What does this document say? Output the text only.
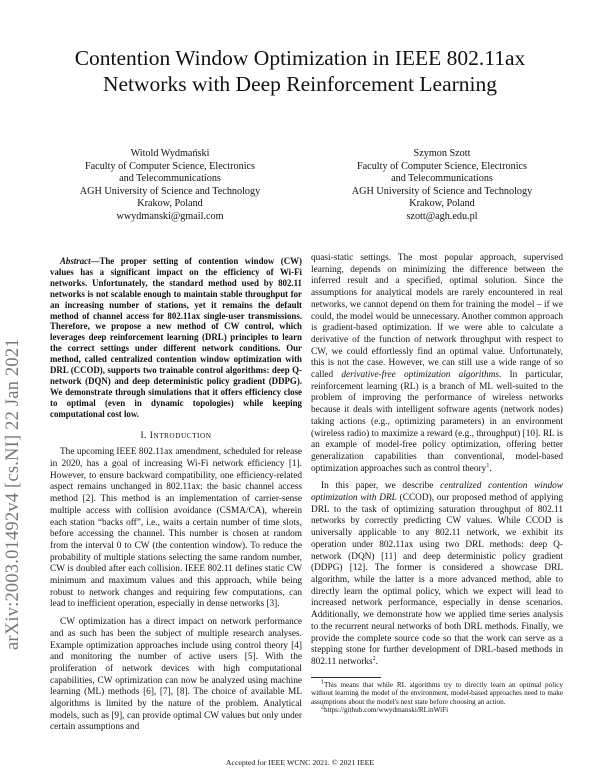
arXiv:2003.01492v4 [cs.NI] 22 Jan 2021
Contention Window Optimization in IEEE 802.11ax Networks with Deep Reinforcement Learning
Witold Wydmański
Faculty of Computer Science, Electronics
and Telecommunications
AGH University of Science and Technology
Krakow, Poland
wwydmanski@gmail.com
Szymon Szott
Faculty of Computer Science, Electronics
and Telecommunications
AGH University of Science and Technology
Krakow, Poland
szott@agh.edu.pl

Abstract—The proper setting of contention window (CW) values has a significant impact on the efficiency of Wi-Fi networks. Unfortunately, the standard method used by 802.11 networks is not scalable enough to maintain stable throughput for an increasing number of stations, yet it remains the default method of channel access for 802.11ax single-user transmissions. Therefore, we propose a new method of CW control, which leverages deep reinforcement learning (DRL) principles to learn the correct settings under different network conditions. Our method, called centralized contention window optimization with DRL (CCOD), supports two trainable control algorithms: deep Q-network (DQN) and deep deterministic policy gradient (DDPG). We demonstrate through simulations that it offers efficiency close to optimal (even in dynamic topologies) while keeping computational cost low.

I. INTRODUCTION

The upcoming IEEE 802.11ax amendment, scheduled for release in 2020, has a goal of increasing Wi-Fi network efficiency [1]. However, to ensure backward compatibility, one efficiency-related aspect remains unchanged in 802.11ax: the basic channel access method [2]. This method is an implementation of carrier-sense multiple access with collision avoidance (CSMA/CA), wherein each station “backs off”, i.e., waits a certain number of time slots, before accessing the channel. This number is chosen at random from the interval 0 to CW (the contention window). To reduce the probability of multiple stations selecting the same random number, CW is doubled after each collision. IEEE 802.11 defines static CW minimum and maximum values and this approach, while being robust to network changes and requiring few computations, can lead to inefficient operation, especially in dense networks [3].

CW optimization has a direct impact on network performance and as such has been the subject of multiple research analyses. Example optimization approaches include using control theory [4] and monitoring the number of active users [5]. With the proliferation of network devices with high computational capabilities, CW optimization can now be analyzed using machine learning (ML) methods [6], [7], [8]. The choice of available ML algorithms is limited by the nature of the problem. Analytical models, such as [9], can provide optimal CW values but only under certain assumptions and

quasi-static settings. The most popular approach, supervised learning, depends on minimizing the difference between the inferred result and a specified, optimal solution. Since the assumptions for analytical models are rarely encountered in real networks, we cannot depend on them for training the model – if we could, the model would be unnecessary. Another common approach is gradient-based optimization. If we were able to calculate a derivative of the function of network throughput with respect to CW, we could effortlessly find an optimal value. Unfortunately, this is not the case. However, we can still use a wide range of so called derivative-free optimization algorithms. In particular, reinforcement learning (RL) is a branch of ML well-suited to the problem of improving the performance of wireless networks because it deals with intelligent software agents (network nodes) taking actions (e.g., optimizing parameters) in an environment (wireless radio) to maximize a reward (e.g., throughput) [10]. RL is an example of model-free policy optimization, offering better generalization capabilities than conventional, model-based optimization approaches such as control theory$^1$.

In this paper, we describe centralized contention window optimization with DRL (CCOD), our proposed method of applying DRL to the task of optimizing saturation throughput of 802.11 networks by correctly predicting CW values. While CCOD is universally applicable to any 802.11 network, we exhibit its operation under 802.11ax using two DRL methods: deep Q-network (DQN) [11] and deep deterministic policy gradient (DDPG) [12]. The former is considered a showcase DRL algorithm, while the latter is a more advanced method, able to directly learn the optimal policy, which we expect will lead to increased network performance, especially in dense scenarios. Additionally, we demonstrate how we applied time series analysis to the recurrent neural networks of both DRL methods. Finally, we provide the complete source code so that the work can serve as a stepping stone for further development of DRL-based methods in 802.11 networks$^2$.

$^1$This means that while RL algorithms try to directly learn an optimal policy without learning the model of the environment, model-based approaches need to make assumptions about the model's next state before choosing an action.

$^2$https://github.com/wwydmanski/RLinWiFi

Accepted for IEEE WCNC 2021. © 2021 IEEE
